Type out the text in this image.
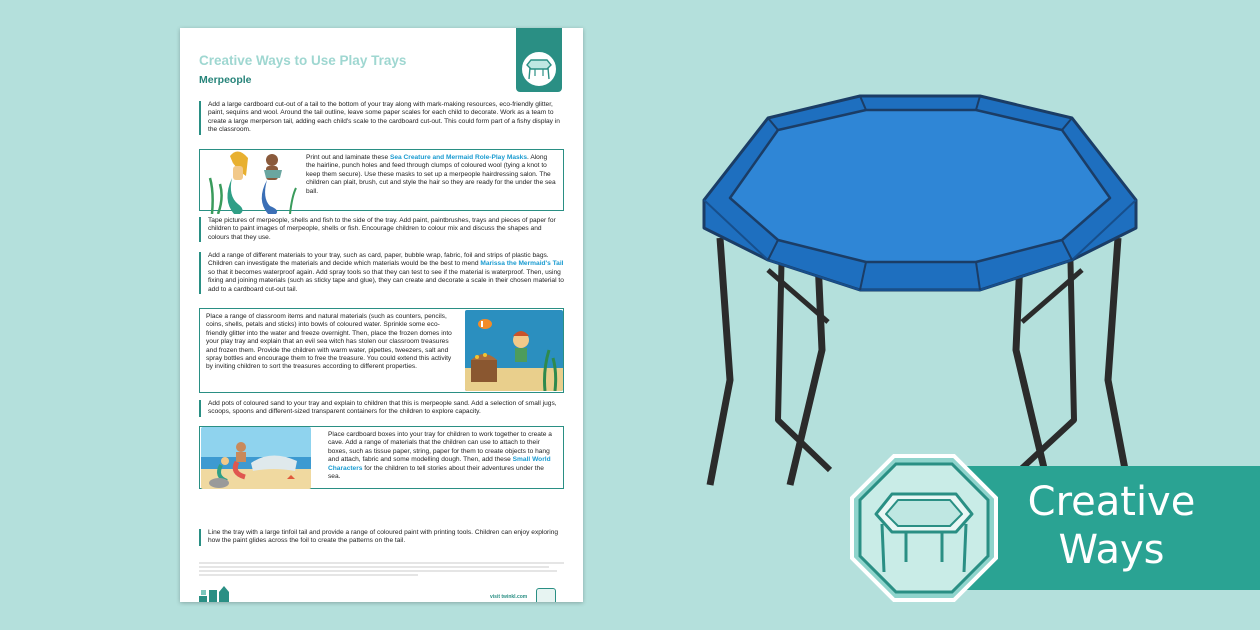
Creative Ways to Use Play Trays
Merpeople

Add a large cardboard cut-out of a tail to the bottom of your tray along with mark-making resources, eco-friendly glitter, paint, sequins and wool. Around the tail outline, leave some paper scales for each child to decorate. Work as a team to create a large merperson tail, adding each child's scale to the cardboard cut-out. This could form part of a fishy display in the classroom.

Print out and laminate these Sea Creature and Mermaid Role-Play Masks. Along the hairline, punch holes and feed through clumps of coloured wool (tying a knot to keep them secure). Use these masks to set up a merpeople hairdressing salon. The children can plait, brush, cut and style the hair so they are ready for the under the sea ball.

Tape pictures of merpeople, shells and fish to the side of the tray. Add paint, paintbrushes, trays and pieces of paper for children to paint images of merpeople, shells or fish. Encourage children to colour mix and discuss the shapes and colours that they use.

Add a range of different materials to your tray, such as card, paper, bubble wrap, fabric, foil and strips of plastic bags. Children can investigate the materials and decide which materials would be the best to mend Marissa the Mermaid's Tail so that it becomes waterproof again. Add spray tools so that they can test to see if the material is waterproof. Then, using fixing and joining materials (such as sticky tape and glue), they can create and decorate a scale in their chosen material to add to a cardboard cut-out tail.

Place a range of classroom items and natural materials (such as counters, pencils, coins, shells, petals and sticks) into bowls of coloured water. Sprinkle some eco-friendly glitter into the water and freeze overnight. Then, place the frozen domes into your play tray and explain that an evil sea witch has stolen our classroom treasures and frozen them. Provide the children with warm water, pipettes, tweezers, salt and spray bottles and encourage them to free the treasure. You could extend this activity by inviting children to sort the treasures according to different properties.

Add pots of coloured sand to your tray and explain to children that this is merpeople sand. Add a selection of small jugs, scoops, spoons and different-sized transparent containers for the children to explore capacity.

Place cardboard boxes into your tray for children to work together to create a cave. Add a range of materials that the children can use to attach to their boxes, such as tissue paper, string, paper for them to create objects to hang and attach, fabric and some modelling dough. Then, add these Small World Characters for the children to tell stories about their adventures under the sea.

Line the tray with a large tinfoil tail and provide a range of coloured paint with printing tools. Children can enjoy exploring how the paint glides across the foil to create the patterns on the tail.

visit twinkl.com
Creative
Ways
